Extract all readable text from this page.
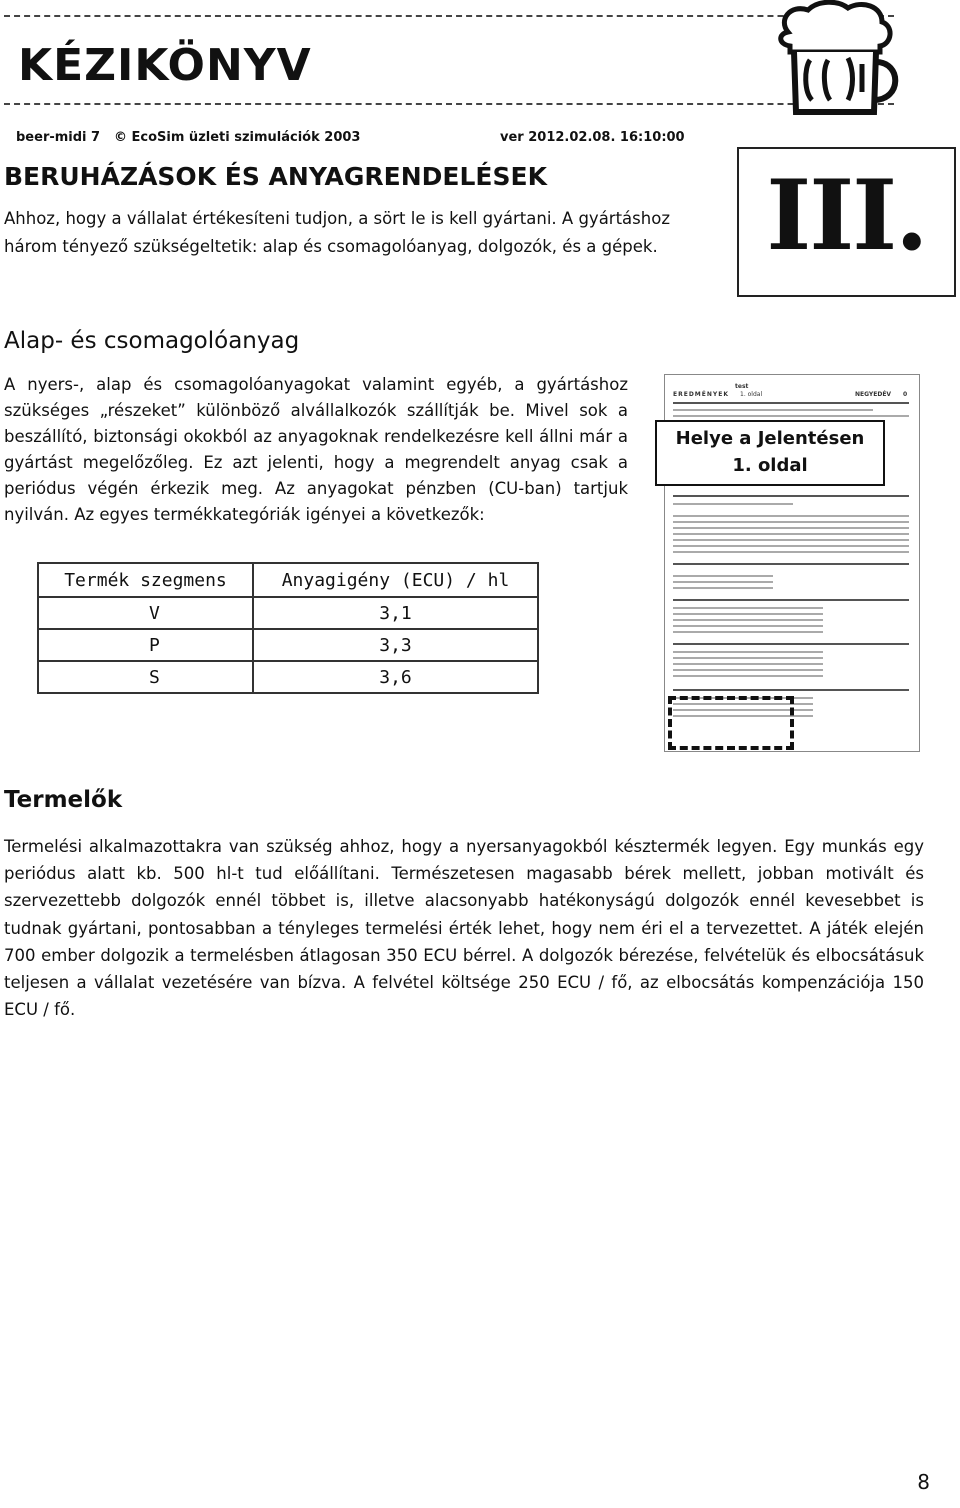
KÉZIKÖNYV
beer-midi 7 © EcoSim üzleti szimulációk 2003	ver 2012.02.08. 16:10:00
BERUHÁZÁSOK ÉS ANYAGRENDELÉSEK

Ahhoz, hogy a vállalat értékesíteni tudjon, a sört le is kell gyártani. A gyártáshoz három tényező szükségeltetik: alap és csomagolóanyag, dolgozók, és a gépek.	III.
Alap- és csomagolóanyag

A nyers-, alap és csomagolóanyagokat valamint egyéb, a gyártáshoz szükséges „részeket” különböző alvállalkozók szállítják be. Mivel sok a beszállító, biztonsági okokból az anyagoknak rendelkezésre kell állni már a gyártást megelőzőleg. Ez azt jelenti, hogy a megrendelt anyag csak a periódus végén érkezik meg. Az anyagokat pénzben (CU-ban) tartjuk nyilván. Az egyes termékkategóriák igényei a következők:

test
EREDMÉNYEK 1. oldal	NEGYEDÉV 0
Helye a Jelentésen
1. oldal
Termék szegmens	Anyagigény (ECU) / hl
V	3,1
P	3,3
S	3,6
Termelők

Termelési alkalmazottakra van szükség ahhoz, hogy a nyersanyagokból késztermék legyen. Egy munkás egy periódus alatt kb. 500 hl-t tud előállítani. Természetesen magasabb bérek mellett, jobban motivált és szervezettebb dolgozók ennél többet is, illetve alacsonyabb hatékonyságú dolgozók ennél kevesebbet is tudnak gyártani, pontosabban a tényleges termelési érték lehet, hogy nem éri el a tervezettet. A játék elején 700 ember dolgozik a termelésben átlagosan 350 ECU bérrel. A dolgozók bérezése, felvételük és elbocsátásuk teljesen a vállalat vezetésére van bízva. A felvétel költsége 250 ECU / fő, az elbocsátás kompenzációja 150 ECU / fő.

8
